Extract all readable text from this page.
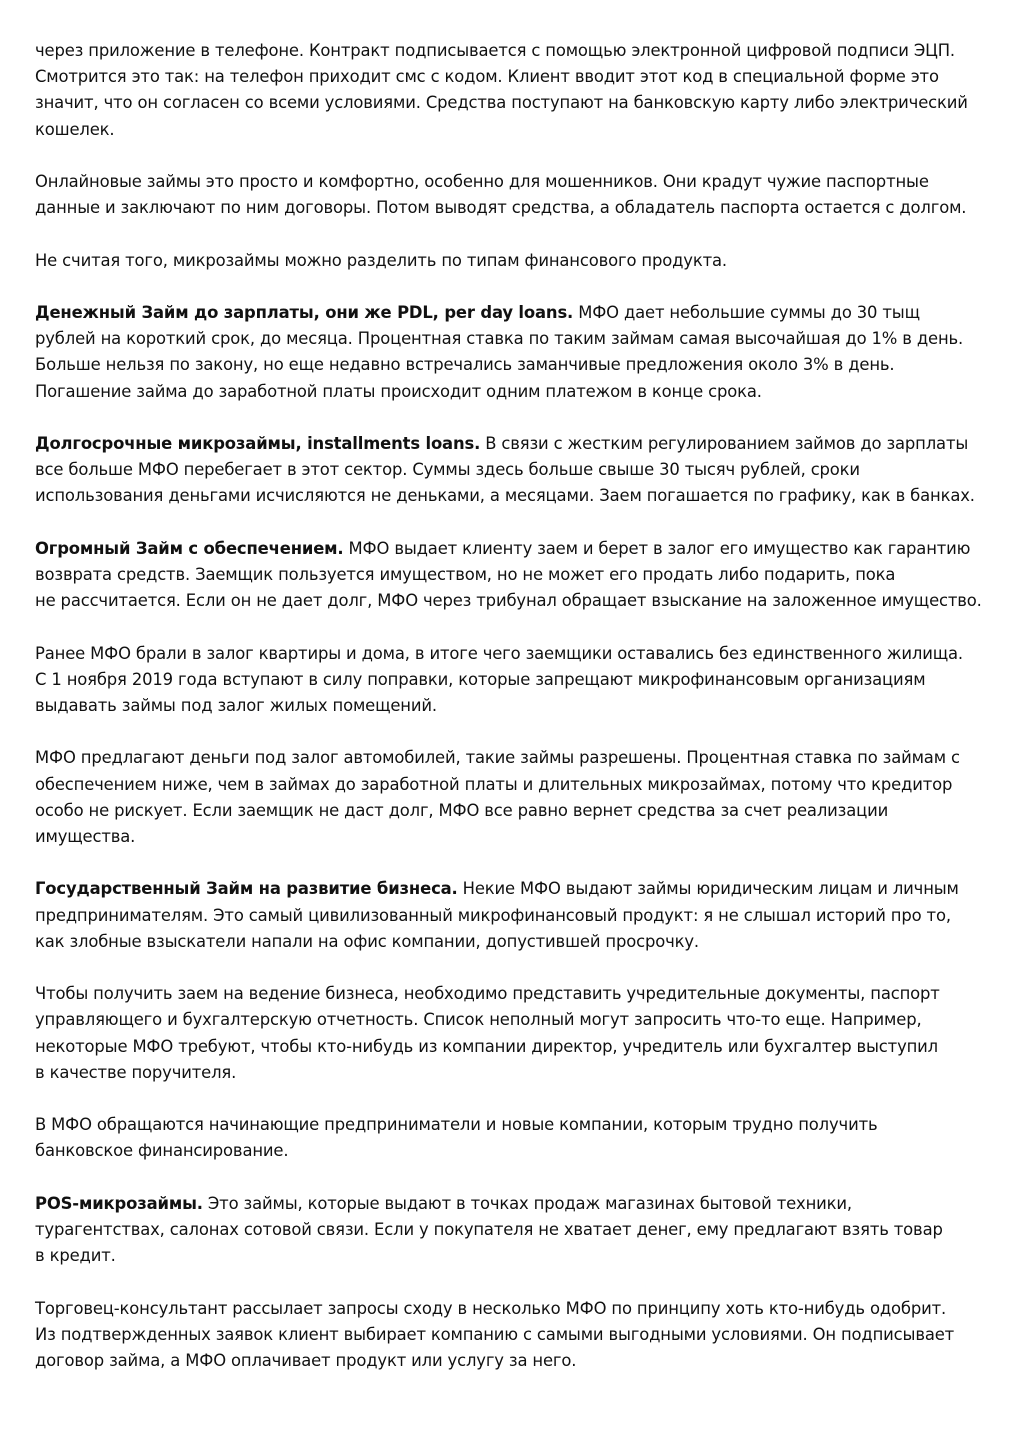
через приложение в телефоне. Контракт подписывается с помощью электронной цифровой подписи ЭЦП.
Смотрится это так: на телефон приходит смс с кодом. Клиент вводит этот код в специальной форме это
значит, что он согласен со всеми условиями. Средства поступают на банковскую карту либо электрический
кошелек.

Онлайновые займы это просто и комфортно, особенно для мошенников. Они крадут чужие паспортные
данные и заключают по ним договоры. Потом выводят средства, а обладатель паспорта остается с долгом.

Не считая того, микрозаймы можно разделить по типам финансового продукта.

Денежный Займ до зарплаты, они же PDL, per day loans. МФО дает небольшие суммы до 30 тыщ
рублей на короткий срок, до месяца. Процентная ставка по таким займам самая высочайшая до 1% в день.
Больше нельзя по закону, но еще недавно встречались заманчивые предложения около 3% в день.
Погашение займа до заработной платы происходит одним платежом в конце срока.

Долгосрочные микрозаймы, installments loans. В связи с жестким регулированием займов до зарплаты
все больше МФО перебегает в этот сектор. Суммы здесь больше свыше 30 тысяч рублей, сроки
использования деньгами исчисляются не деньками, а месяцами. Заем погашается по графику, как в банках.

Огромный Займ с обеспечением. МФО выдает клиенту заем и берет в залог его имущество как гарантию
возврата средств. Заемщик пользуется имуществом, но не может его продать либо подарить, пока
не рассчитается. Если он не дает долг, МФО через трибунал обращает взыскание на заложенное имущество.

Ранее МФО брали в залог квартиры и дома, в итоге чего заемщики оставались без единственного жилища.
С 1 ноября 2019 года вступают в силу поправки, которые запрещают микрофинансовым организациям
выдавать займы под залог жилых помещений.

МФО предлагают деньги под залог автомобилей, такие займы разрешены. Процентная ставка по займам с
обеспечением ниже, чем в займах до заработной платы и длительных микрозаймах, потому что кредитор
особо не рискует. Если заемщик не даст долг, МФО все равно вернет средства за счет реализации
имущества.

Государственный Займ на развитие бизнеса. Некие МФО выдают займы юридическим лицам и личным
предпринимателям. Это самый цивилизованный микрофинансовый продукт: я не слышал историй про то,
как злобные взыскатели напали на офис компании, допустившей просрочку.

Чтобы получить заем на ведение бизнеса, необходимо представить учредительные документы, паспорт
управляющего и бухгалтерскую отчетность. Список неполный могут запросить что-то еще. Например,
некоторые МФО требуют, чтобы кто-нибудь из компании директор, учредитель или бухгалтер выступил
в качестве поручителя.

В МФО обращаются начинающие предприниматели и новые компании, которым трудно получить
банковское финансирование.

POS-микрозаймы. Это займы, которые выдают в точках продаж магазинах бытовой техники,
турагентствах, салонах сотовой связи. Если у покупателя не хватает денег, ему предлагают взять товар
в кредит.

Торговец-консультант рассылает запросы сходу в несколько МФО по принципу хоть кто-нибудь одобрит.
Из подтвержденных заявок клиент выбирает компанию с самыми выгодными условиями. Он подписывает
договор займа, а МФО оплачивает продукт или услугу за него.
